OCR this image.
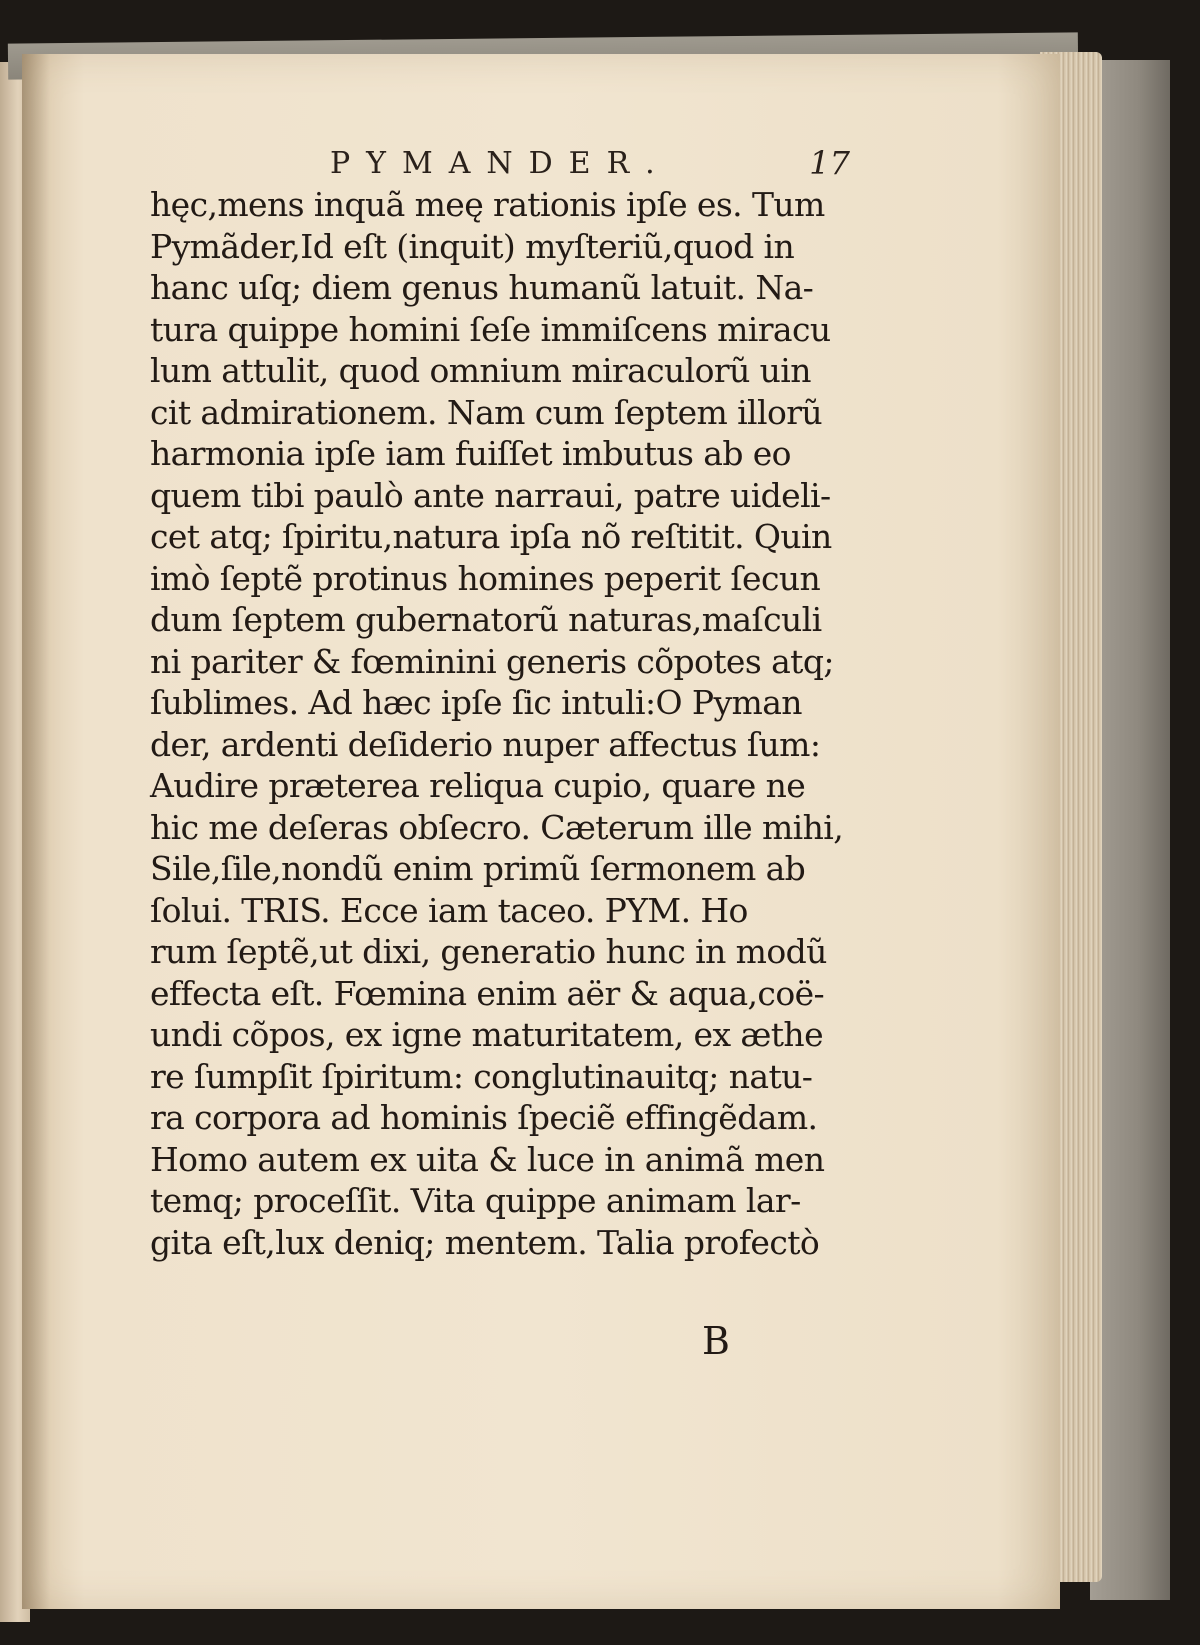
PYMANDER.	17
hęc,mens inquã meę rationis ipſe es. Tum
Pymãder,Id eſt (inquit) myſteriũ,quod in
hanc uſq; diem genus humanũ latuit. Na-
tura quippe homini ſeſe immiſcens miracu
lum attulit, quod omnium miraculorũ uin
cit admirationem. Nam cum ſeptem illorũ
harmonia ipſe iam fuiſſet imbutus ab eo
quem tibi paulò ante narraui, patre uideli-
cet atq; ſpiritu,natura ipſa nõ reſtitit. Quin
imò ſeptẽ protinus homines peperit ſecun
dum ſeptem gubernatorũ naturas,maſculi
ni pariter & fœminini generis cõpotes atq;
ſublimes. Ad hæc ipſe ſic intuli:O Pyman
der, ardenti deſiderio nuper affectus ſum:
Audire præterea reliqua cupio, quare ne
hic me deſeras obſecro. Cæterum ille mihi,
Sile,ſile,nondũ enim primũ ſermonem ab
ſolui. TRIS. Ecce iam taceo. PYM. Ho
rum ſeptẽ,ut dixi, generatio hunc in modũ
effecta eſt. Fœmina enim aër & aqua,coë-
undi cõpos, ex igne maturitatem, ex æthe
re ſumpſit ſpiritum: conglutinauitq; natu-
ra corpora ad hominis ſpeciẽ effingẽdam.
Homo autem ex uita & luce in animã men
temq; proceſſit. Vita quippe animam lar-
gita eſt,lux deniq; mentem. Talia profectò
B
